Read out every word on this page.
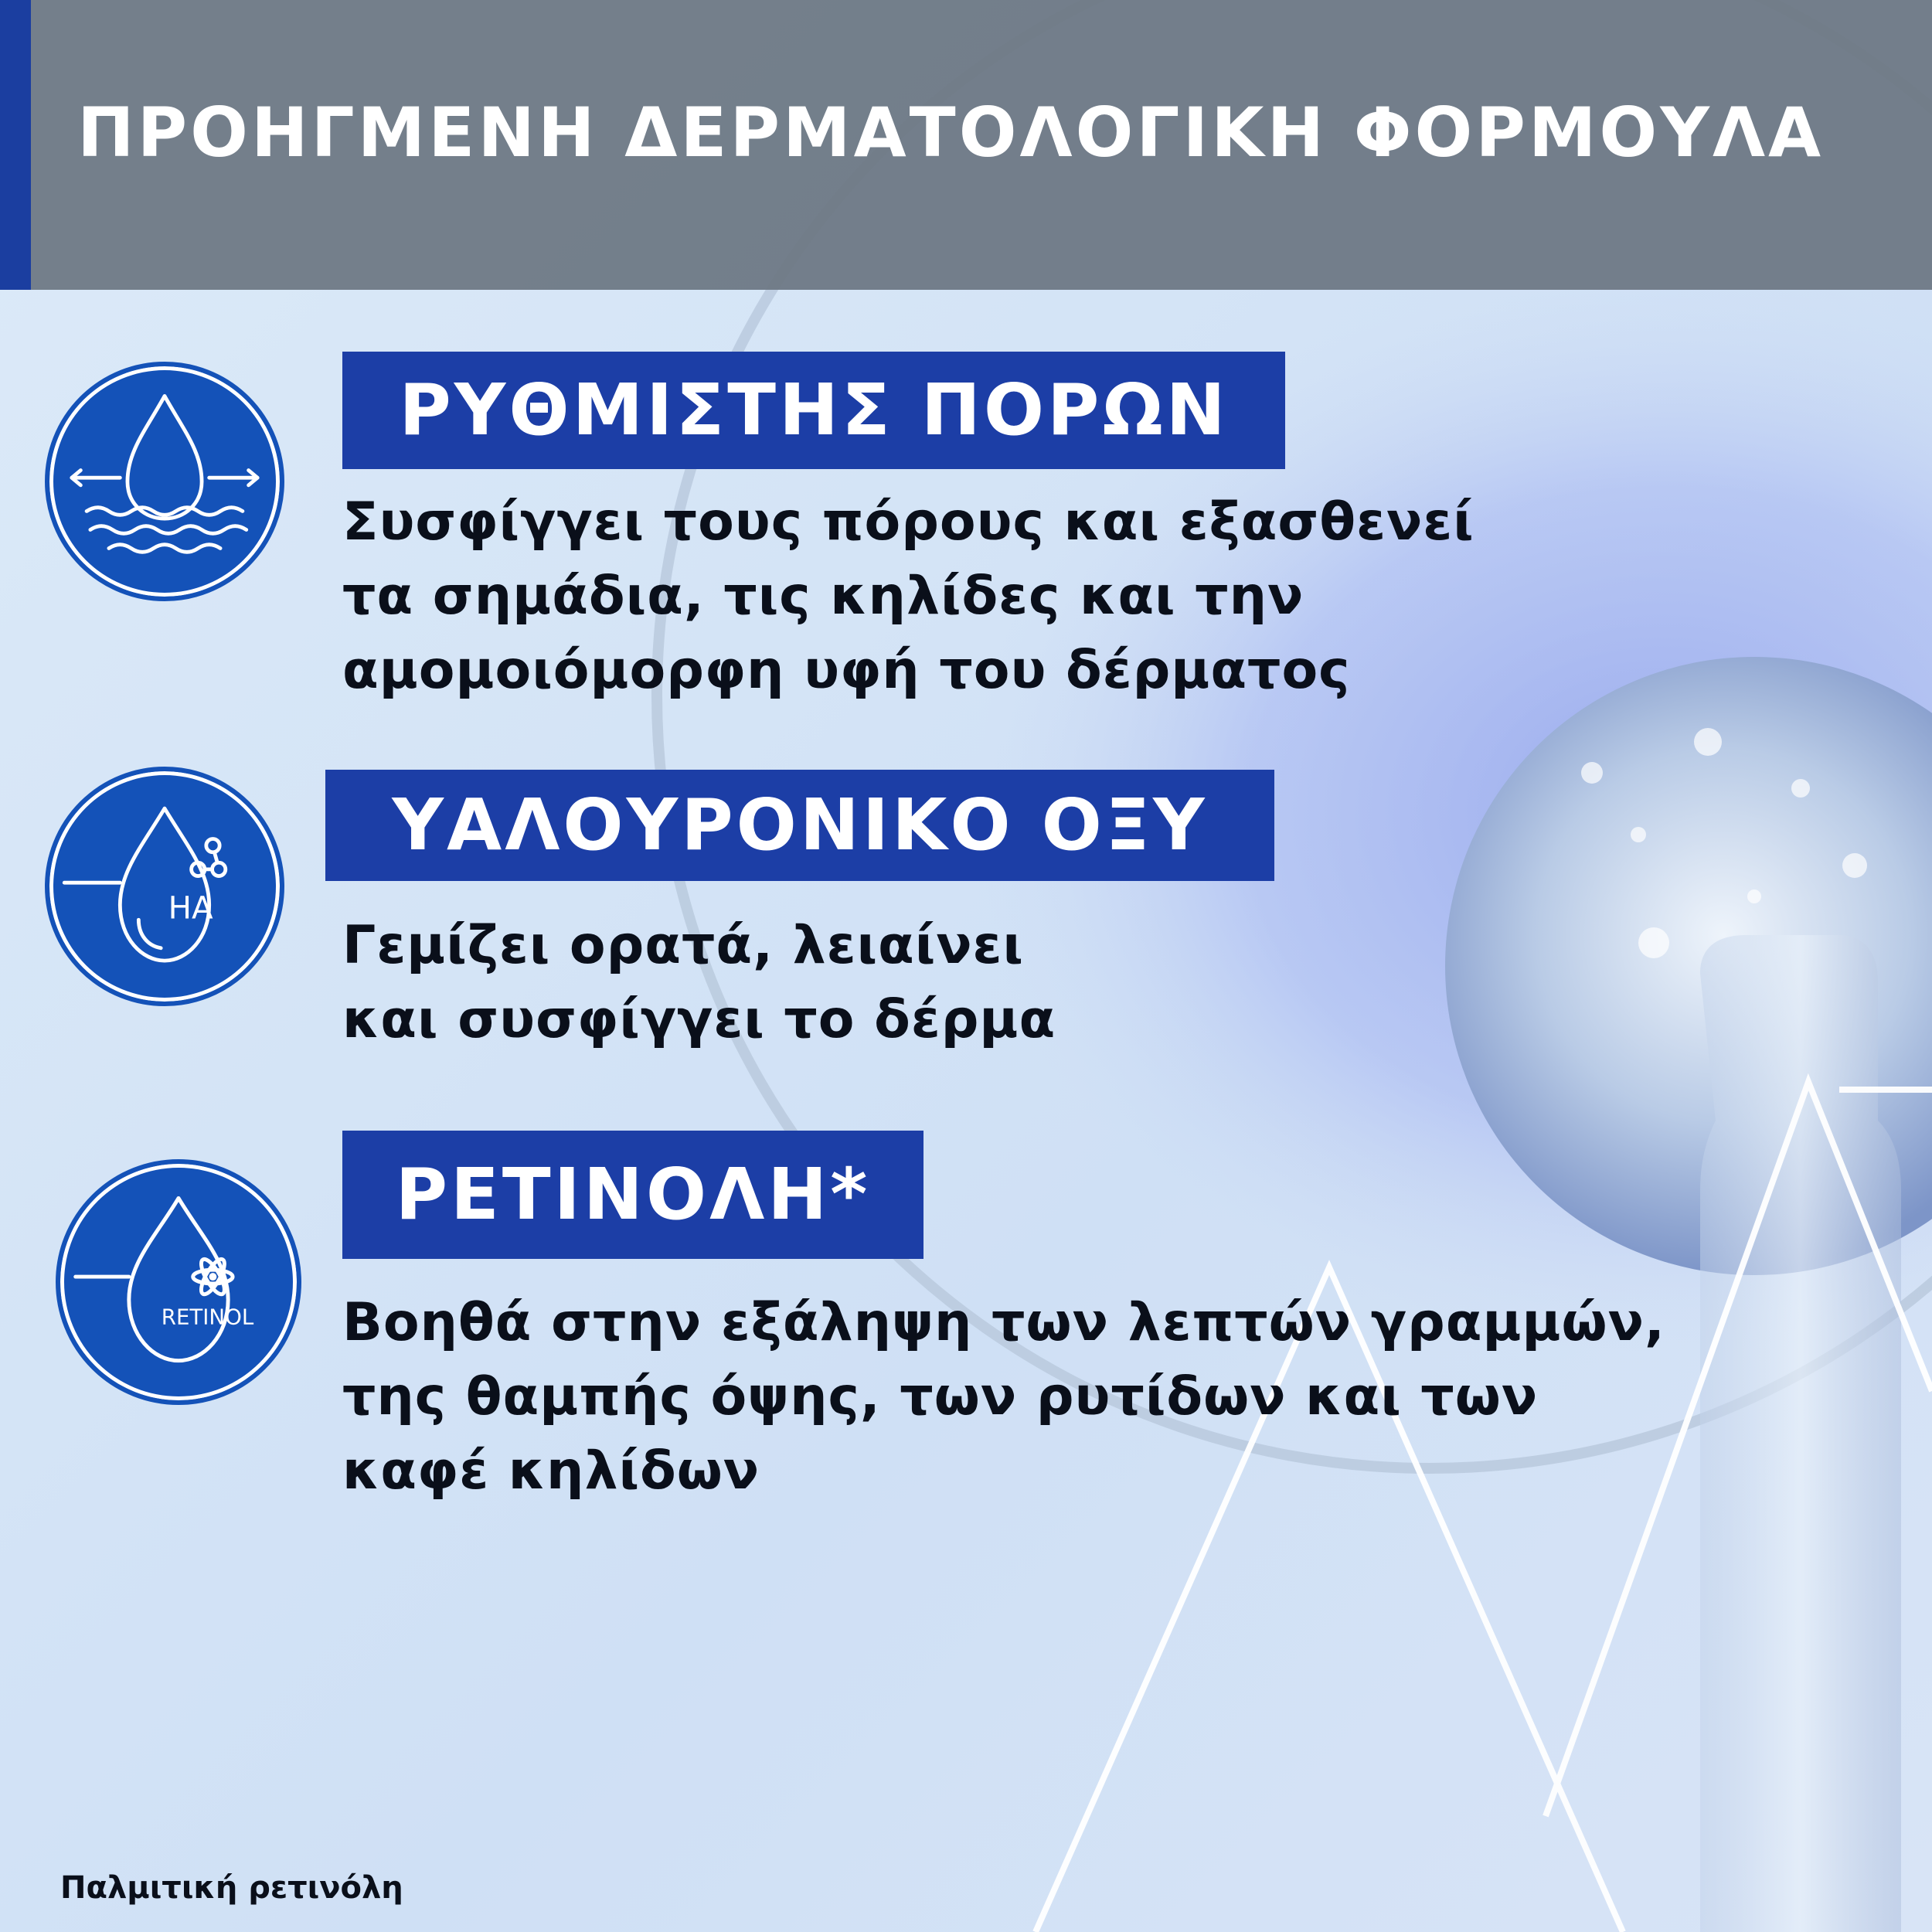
ΠΡΟΗΓΜΕΝΗ ΔΕΡΜΑΤΟΛΟΓΙΚΗ ΦΟΡΜΟΥΛΑ
ΡΥΘΜΙΣΤΗΣ ΠΟΡΩΝ
Συσφίγγει τους πόρους και εξασθενεί
τα σημάδια, τις κηλίδες και την
αμομοιόμορφη υφή του δέρματος
HA
ΥΑΛΟΥΡΟΝΙΚΟ ΟΞΥ
Γεμίζει ορατά, λειαίνει
και συσφίγγει το δέρμα
RETINOL
ΡΕΤΙΝΟΛΗ*
Βοηθά στην εξάληψη των λεπτών γραμμών,
της θαμπής όψης, των ρυτίδων και των
καφέ κηλίδων
Παλμιτική ρετινόλη
